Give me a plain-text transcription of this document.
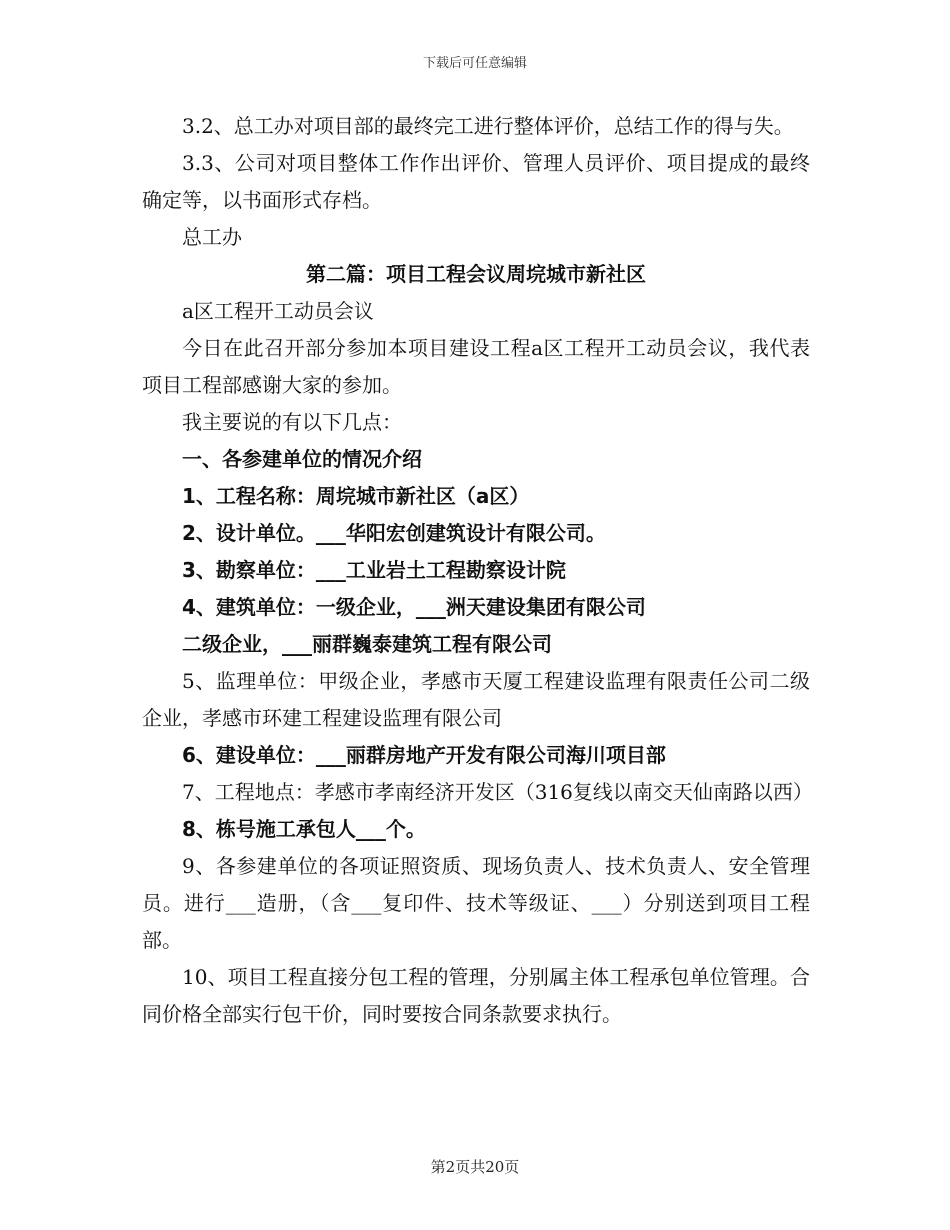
下载后可任意编辑

3.2、总工办对项目部的最终完工进行整体评价，总结工作的得与失。

3.3、公司对项目整体工作作出评价、管理人员评价、项目提成的最终确定等，以书面形式存档。

总工办

第二篇：项目工程会议周垸城市新社区

a区工程开工动员会议

今日在此召开部分参加本项目建设工程a区工程开工动员会议，我代表项目工程部感谢大家的参加。

我主要说的有以下几点：

一、各参建单位的情况介绍

1、工程名称：周垸城市新社区（a区）

2、设计单位。___华阳宏创建筑设计有限公司。

3、勘察单位：___工业岩土工程勘察设计院

4、建筑单位：一级企业，___洲天建设集团有限公司

二级企业，___丽群巍泰建筑工程有限公司

5、监理单位：甲级企业，孝感市天厦工程建设监理有限责任公司二级企业，孝感市环建工程建设监理有限公司

6、建设单位：___丽群房地产开发有限公司海川项目部

7、工程地点：孝感市孝南经济开发区（316复线以南交天仙南路以西）

8、栋号施工承包人___个。

9、各参建单位的各项证照资质、现场负责人、技术负责人、安全管理员。进行___造册，（含___复印件、技术等级证、___）分别送到项目工程部。

10、项目工程直接分包工程的管理，分别属主体工程承包单位管理。合同价格全部实行包干价，同时要按合同条款要求执行。

第2页共20页
